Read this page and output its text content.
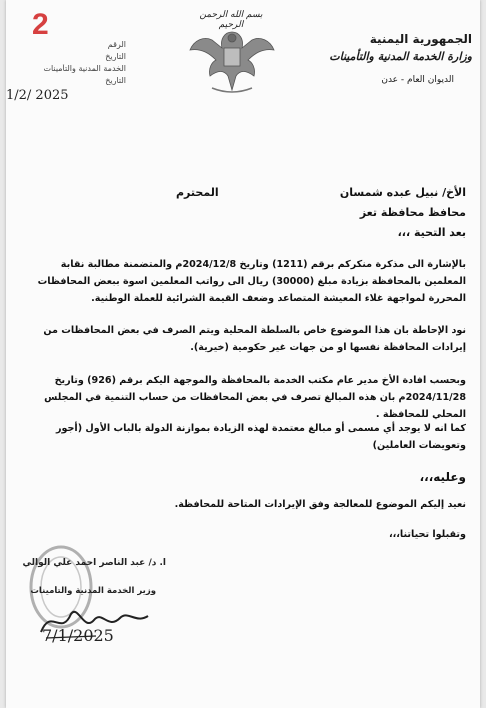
2
الرقم
التاريخ
الخدمة المدنية والتأمينات
التاريخ
1/2/ 2025
بسم الله الرحمن الرحيم
الجمهورية اليمنية
وزارة الخدمة المدنية والتأمينات
الديوان العام - عدن
الأخ/ نبيل عبده شمسان
المحترم
محافظ محافظة تعز
بعد التحية ،،،
بالإشارة الى مذكرة منكركم برقم (1211) وتاريخ 2024/12/8م والمتضمنة مطالبة نقابة المعلمين بالمحافظة بزيادة مبلغ (30000) ريال الى رواتب المعلمين اسوة ببعض المحافظات المحررة لمواجهة غلاء المعيشة المتصاعد وضعف القيمة الشرائية للعملة الوطنية.
نود الإحاطة بان هذا الموضوع خاص بالسلطة المحلية ويتم الصرف في بعض المحافظات من إيرادات المحافظة نفسها او من جهات غير حكومية (خيرية).
وبحسب افادة الأخ مدير عام مكتب الخدمة بالمحافظة والموجهة اليكم برقم (926) وتاريخ 2024/11/28م بان هذه المبالغ تصرف في بعض المحافظات من حساب التنمية في المجلس المحلي للمحافظة .
كما انه لا يوجد أي مسمى أو مبالغ معتمدة لهذه الزيادة بموازنة الدولة بالباب الأول (أجور وتعويضات العاملين)
وعليه،،،
نعيد إليكم الموضوع للمعالجة وفق الإيرادات المتاحة للمحافظة.
وتقبلوا تحياتنا،،،
أ. د/ عبد الناصر أحمد علي الوالي
وزير الخدمة المدنية والتأمينات
7/1/2025
